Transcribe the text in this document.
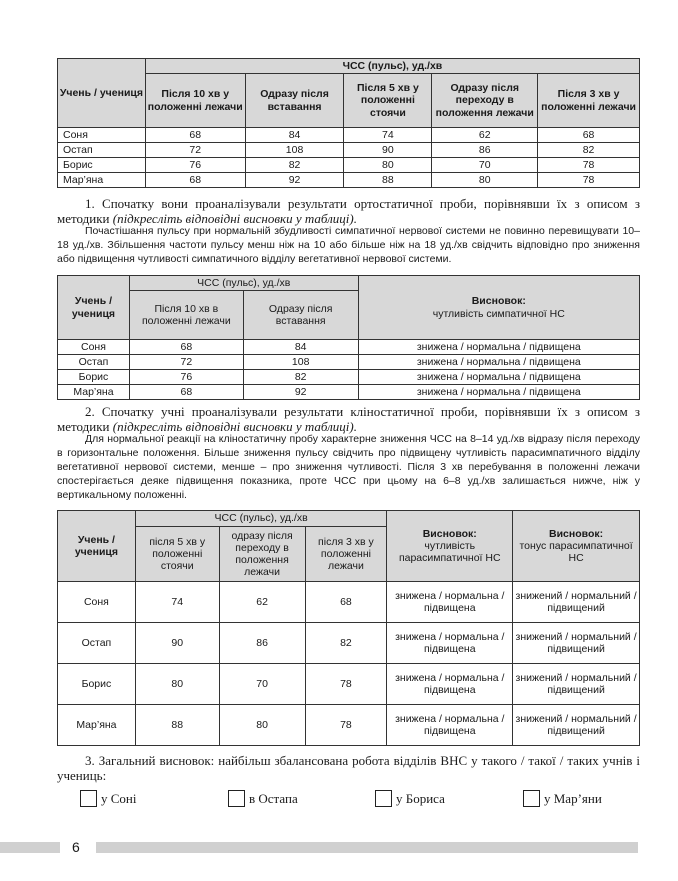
Учень / учениця	ЧСС (пульс), уд./хв				
	Після 10 хв у положенні лежачи	Одразу після вставання	Після 5 хв у положенні стоячи	Одразу після переходу в положення лежачи	Після 3 хв у положенні лежачи
Соня	68	84	74	62	68
Остап	72	108	90	86	82
Борис	76	82	80	70	78
Мар’яна	68	92	88	80	78

1. Спочатку вони проаналізували результати ортостатичної проби, порівнявши їх з описом з методики (підкресліть відповідні висновки у таблиці).

Почастішання пульсу при нормальній збудливості симпатичної нервової системи не повинно перевищувати 10–18 уд./хв. Збільшення частоти пульсу менш ніж на 10 або більше ніж на 18 уд./хв свідчить відповідно про зниження або підвищення чутливості симпатичного відділу вегетативної нервової системи.

Учень / учениця	ЧСС (пульс), уд./хв		Висновок:
чутливість симпатичної НС
	Після 10 хв в положенні лежачи	Одразу після вставання	
Соня	68	84	знижена / нормальна / підвищена
Остап	72	108	знижена / нормальна / підвищена
Борис	76	82	знижена / нормальна / підвищена
Мар’яна	68	92	знижена / нормальна / підвищена

2. Спочатку учні проаналізували результати кліностатичної проби, порівнявши їх з описом з методики (підкресліть відповідні висновки у таблиці).

Для нормальної реакції на кліностатичну пробу характерне зниження ЧСС на 8–14 уд./хв відразу після переходу в горизонтальне положення. Більше зниження пульсу свідчить про підвищену чутливість парасимпатичного відділу вегетативної нервової системи, менше – про зниження чутливості. Після 3 хв перебування в положенні лежачи спостерігається деяке підвищення показника, проте ЧСС при цьому на 6–8 уд./хв залишається нижче, ніж у вертикальному положенні.

Учень / учениця	ЧСС (пульс), уд./хв			Висновок:
чутливість парасимпатичної НС	Висновок:
тонус парасимпатичної НС
	після 5 хв у положенні стоячи	одразу після переходу в положення лежачи	після 3 хв у положенні лежачи		
Соня	74	62	68	знижена / нормальна / підвищена	знижений / нормальний / підвищений
Остап	90	86	82	знижена / нормальна / підвищена	знижений / нормальний / підвищений
Борис	80	70	78	знижена / нормальна / підвищена	знижений / нормальний / підвищений
Мар’яна	88	80	78	знижена / нормальна / підвищена	знижений / нормальний / підвищений

3. Загальний висновок: найбільш збалансована робота відділів ВНС у такого / такої / таких учнів і учениць:

у Соні	в Остапа	у Бориса	у Мар’яни
6
